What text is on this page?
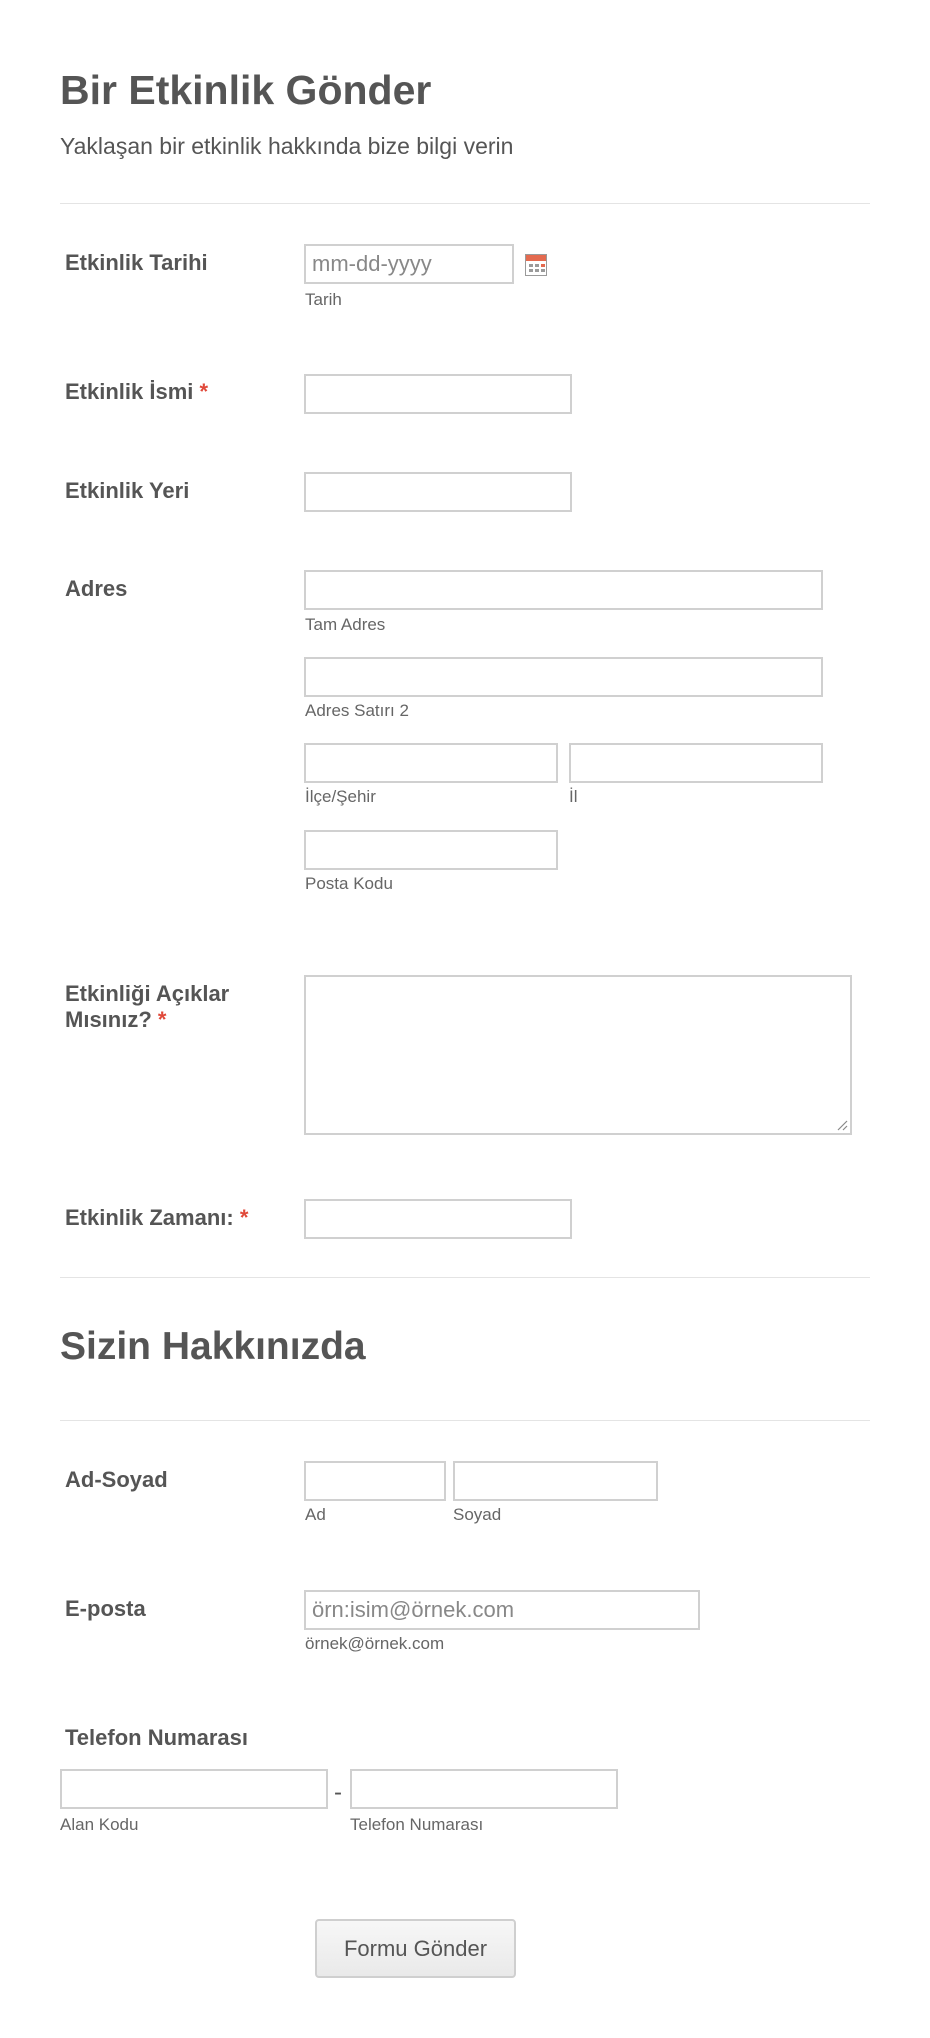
Bir Etkinlik Gönder
Yaklaşan bir etkinlik hakkında bize bilgi verin
Etkinlik Tarihi
mm-dd-yyyy
Tarih
Etkinlik İsmi *
Etkinlik Yeri
Adres
Tam Adres
Adres Satırı 2
İlçe/Şehir	İl
Posta Kodu
Etkinliği Açıklar Mısınız? *
Etkinlik Zamanı: *
Sizin Hakkınızda
Ad-Soyad
Ad	Soyad
E-posta
örn:isim@örnek.com
örnek@örnek.com
Telefon Numarası
-
Alan Kodu	Telefon Numarası
Formu Gönder
